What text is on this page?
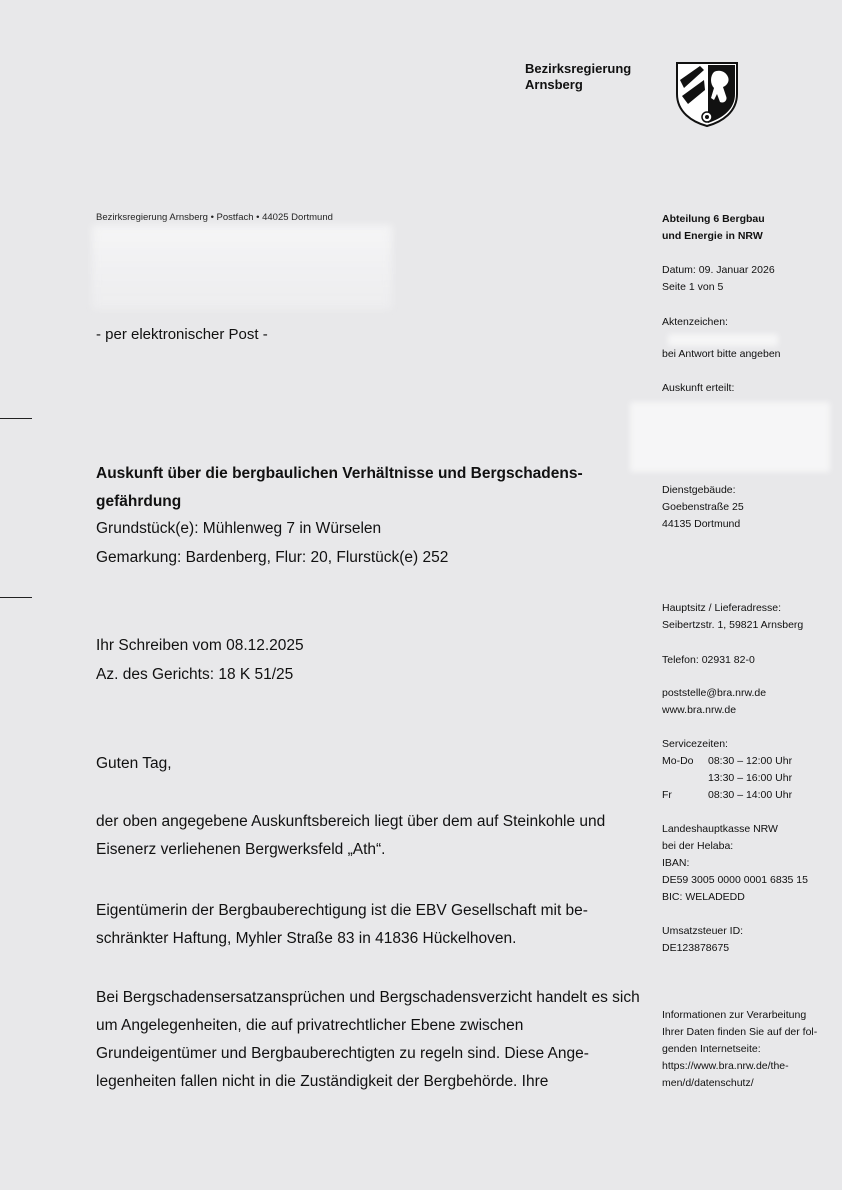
Bezirksregierung
Arnsberg
Bezirksregierung Arnsberg • Postfach • 44025 Dortmund
- per elektronischer Post -
Auskunft über die bergbaulichen Verhältnisse und Bergschadens-gefährdung
Grundstück(e): Mühlenweg 7 in Würselen
Gemarkung: Bardenberg, Flur: 20, Flurstück(e) 252
Ihr Schreiben vom 08.12.2025
Az. des Gerichts: 18 K 51/25
Guten Tag,
der oben angegebene Auskunftsbereich liegt über dem auf Steinkohle und Eisenerz verliehenen Bergwerksfeld „Ath“.
Eigentümerin der Bergbauberechtigung ist die EBV Gesellschaft mit be-schränkter Haftung, Myhler Straße 83 in 41836 Hückelhoven.
Bei Bergschadensersatzansprüchen und Bergschadensverzicht handelt es sich um Angelegenheiten, die auf privatrechtlicher Ebene zwischen Grundeigentümer und Bergbauberechtigten zu regeln sind. Diese Ange-legenheiten fallen nicht in die Zuständigkeit der Bergbehörde. Ihre
Abteilung 6 Bergbau
und Energie in NRW
Datum: 09. Januar 2026
Seite 1 von 5
Aktenzeichen:
bei Antwort bitte angeben
Auskunft erteilt:
Dienstgebäude:
Goebenstraße 25
44135 Dortmund
Hauptsitz / Lieferadresse:
Seibertzstr. 1, 59821 Arnsberg
Telefon: 02931 82-0
poststelle@bra.nrw.de
www.bra.nrw.de
Servicezeiten:
Mo-Do	08:30 – 12:00 Uhr
13:30 – 16:00 Uhr
Fr	08:30 – 14:00 Uhr
Landeshauptkasse NRW
bei der Helaba:
IBAN:
DE59 3005 0000 0001 6835 15
BIC: WELADEDD
Umsatzsteuer ID:
DE123878675
Informationen zur Verarbeitung
Ihrer Daten finden Sie auf der fol-
genden Internetseite:
https://www.bra.nrw.de/the-
men/d/datenschutz/
